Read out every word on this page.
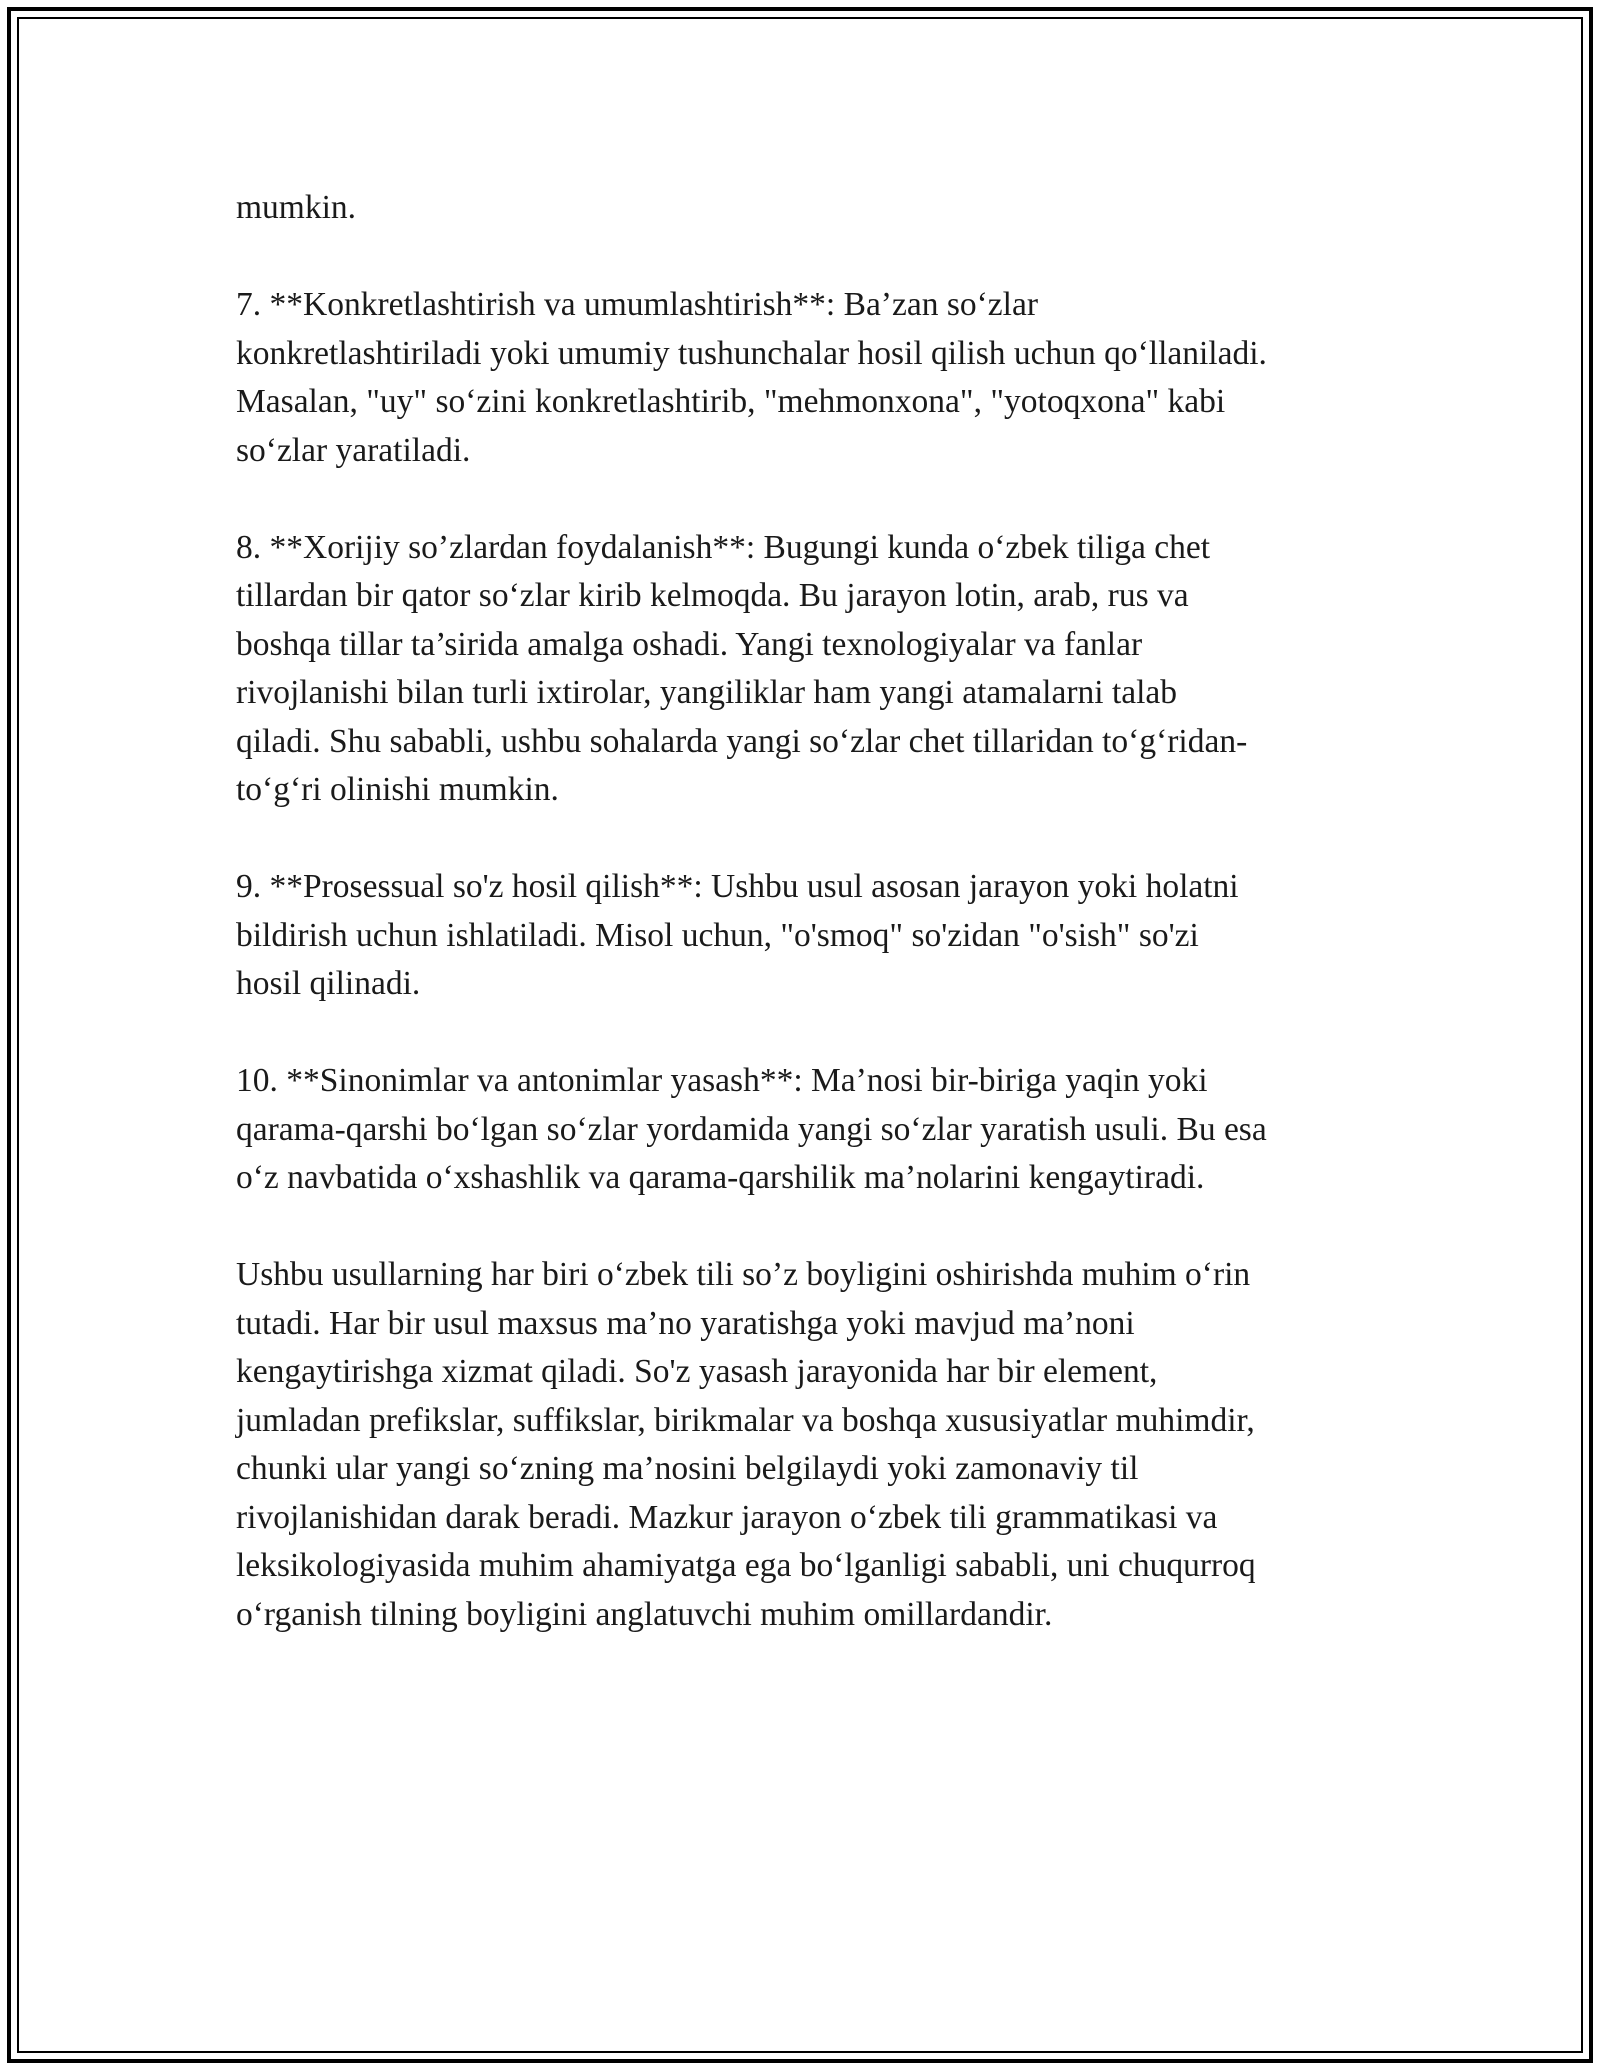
mumkin.

7. **Konkretlashtirish va umumlashtirish**: Ba’zan so‘zlar
konkretlashtiriladi yoki umumiy tushunchalar hosil qilish uchun qo‘llaniladi.
Masalan, "uy" so‘zini konkretlashtirib, "mehmonxona", "yotoqxona" kabi
so‘zlar yaratiladi.

8. **Xorijiy so’zlardan foydalanish**: Bugungi kunda o‘zbek tiliga chet
tillardan bir qator so‘zlar kirib kelmoqda. Bu jarayon lotin, arab, rus va
boshqa tillar ta’sirida amalga oshadi. Yangi texnologiyalar va fanlar
rivojlanishi bilan turli ixtirolar, yangiliklar ham yangi atamalarni talab
qiladi. Shu sababli, ushbu sohalarda yangi so‘zlar chet tillaridan to‘g‘ridan-
to‘g‘ri olinishi mumkin.

9. **Prosessual so'z hosil qilish**: Ushbu usul asosan jarayon yoki holatni
bildirish uchun ishlatiladi. Misol uchun, "o'smoq" so'zidan "o'sish" so'zi
hosil qilinadi.

10. **Sinonimlar va antonimlar yasash**: Ma’nosi bir-biriga yaqin yoki
qarama-qarshi bo‘lgan so‘zlar yordamida yangi so‘zlar yaratish usuli. Bu esa
o‘z navbatida o‘xshashlik va qarama-qarshilik ma’nolarini kengaytiradi.

Ushbu usullarning har biri o‘zbek tili so’z boyligini oshirishda muhim o‘rin
tutadi. Har bir usul maxsus ma’no yaratishga yoki mavjud ma’noni
kengaytirishga xizmat qiladi. So'z yasash jarayonida har bir element,
jumladan prefikslar, suffikslar, birikmalar va boshqa xususiyatlar muhimdir,
chunki ular yangi so‘zning ma’nosini belgilaydi yoki zamonaviy til
rivojlanishidan darak beradi. Mazkur jarayon o‘zbek tili grammatikasi va
leksikologiyasida muhim ahamiyatga ega bo‘lganligi sababli, uni chuqurroq
o‘rganish tilning boyligini anglatuvchi muhim omillardandir.
